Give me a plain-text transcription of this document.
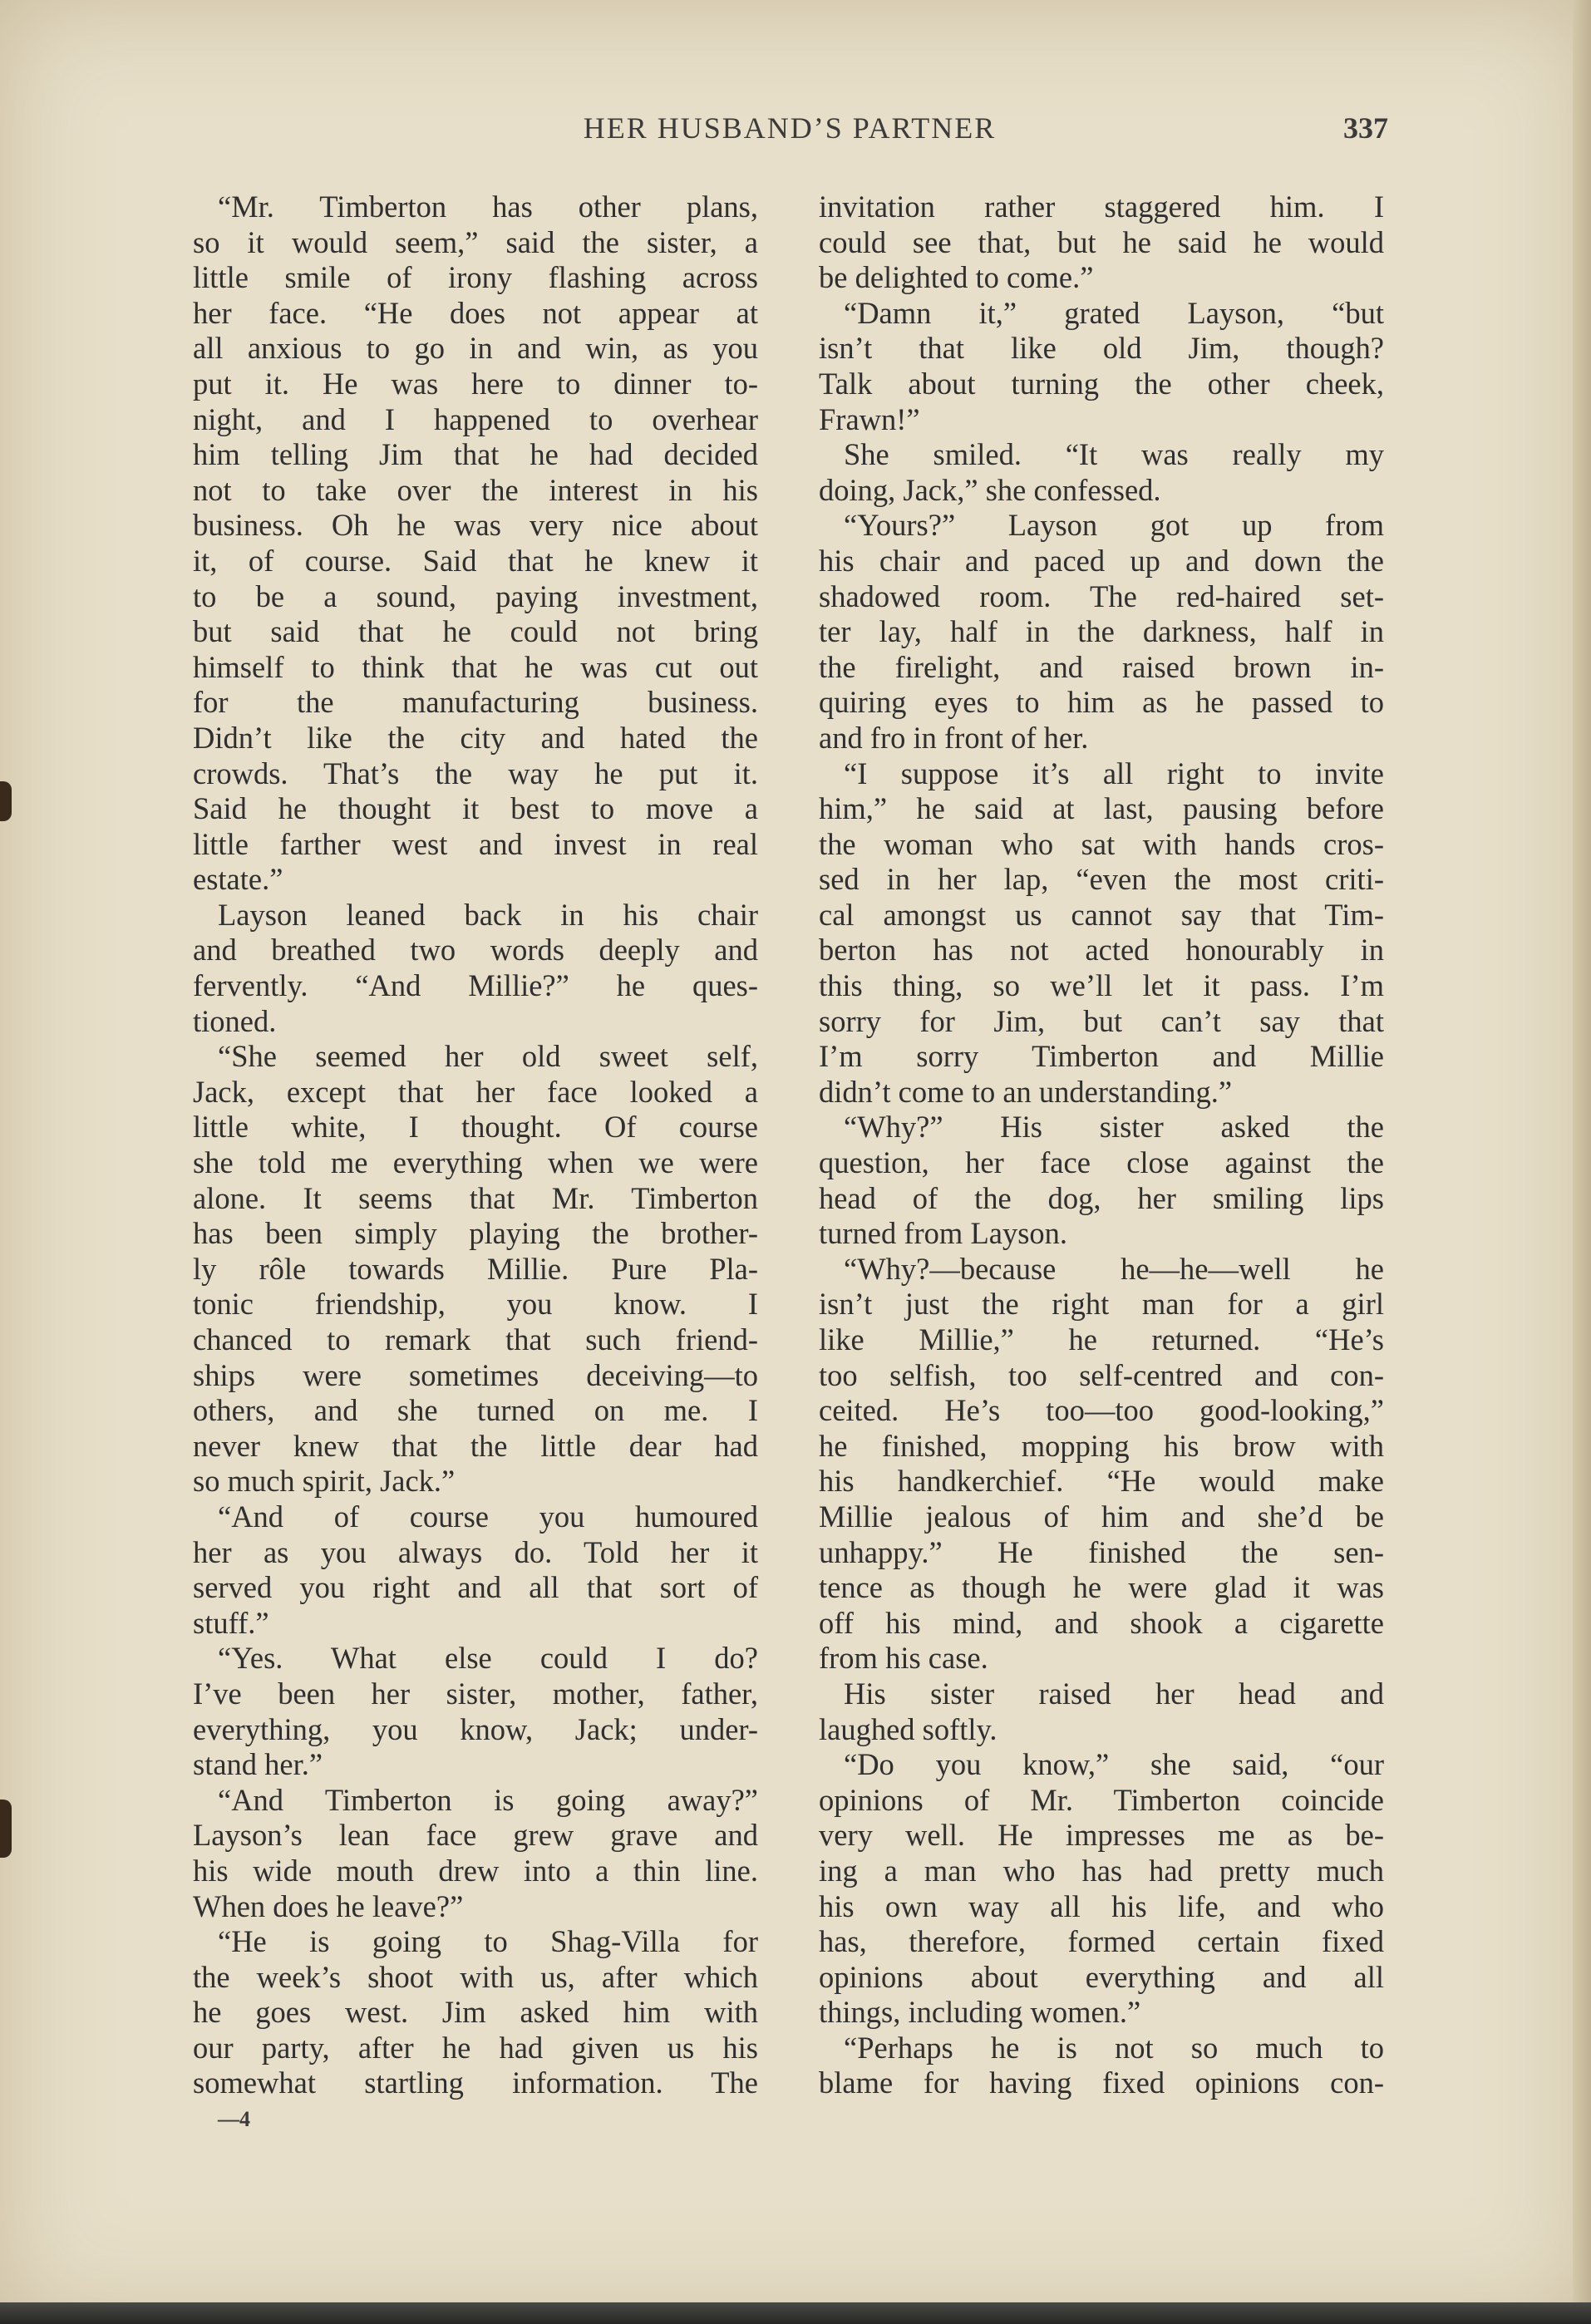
HER HUSBAND’S PARTNER	337
“Mr. Timberton has other plans,
so it would seem,” said the sister, a
little smile of irony flashing across
her face. “He does not appear at
all anxious to go in and win, as you
put it. He was here to dinner to-
night, and I happened to overhear
him telling Jim that he had decided
not to take over the interest in his
business. Oh he was very nice about
it, of course. Said that he knew it
to be a sound, paying investment,
but said that he could not bring
himself to think that he was cut out
for the manufacturing business.
Didn’t like the city and hated the
crowds. That’s the way he put it.
Said he thought it best to move a
little farther west and invest in real
estate.”
Layson leaned back in his chair
and breathed two words deeply and
fervently. “And Millie?” he ques-
tioned.
“She seemed her old sweet self,
Jack, except that her face looked a
little white, I thought. Of course
she told me everything when we were
alone. It seems that Mr. Timberton
has been simply playing the brother-
ly rôle towards Millie. Pure Pla-
tonic friendship, you know. I
chanced to remark that such friend-
ships were sometimes deceiving—to
others, and she turned on me. I
never knew that the little dear had
so much spirit, Jack.”
“And of course you humoured
her as you always do. Told her it
served you right and all that sort of
stuff.”
“Yes. What else could I do?
I’ve been her sister, mother, father,
everything, you know, Jack; under-
stand her.”
“And Timberton is going away?”
Layson’s lean face grew grave and
his wide mouth drew into a thin line.
When does he leave?”
“He is going to Shag-Villa for
the week’s shoot with us, after which
he goes west. Jim asked him with
our party, after he had given us his
somewhat startling information. The
invitation rather staggered him. I
could see that, but he said he would
be delighted to come.”
“Damn it,” grated Layson, “but
isn’t that like old Jim, though?
Talk about turning the other cheek,
Frawn!”
She smiled. “It was really my
doing, Jack,” she confessed.
“Yours?” Layson got up from
his chair and paced up and down the
shadowed room. The red-haired set-
ter lay, half in the darkness, half in
the firelight, and raised brown in-
quiring eyes to him as he passed to
and fro in front of her.
“I suppose it’s all right to invite
him,” he said at last, pausing before
the woman who sat with hands cros-
sed in her lap, “even the most criti-
cal amongst us cannot say that Tim-
berton has not acted honourably in
this thing, so we’ll let it pass. I’m
sorry for Jim, but can’t say that
I’m sorry Timberton and Millie
didn’t come to an understanding.”
“Why?” His sister asked the
question, her face close against the
head of the dog, her smiling lips
turned from Layson.
“Why?—because he—he—well he
isn’t just the right man for a girl
like Millie,” he returned. “He’s
too selfish, too self-centred and con-
ceited. He’s too—too good-looking,”
he finished, mopping his brow with
his handkerchief. “He would make
Millie jealous of him and she’d be
unhappy.” He finished the sen-
tence as though he were glad it was
off his mind, and shook a cigarette
from his case.
His sister raised her head and
laughed softly.
“Do you know,” she said, “our
opinions of Mr. Timberton coincide
very well. He impresses me as be-
ing a man who has had pretty much
his own way all his life, and who
has, therefore, formed certain fixed
opinions about everything and all
things, including women.”
“Perhaps he is not so much to
blame for having fixed opinions con-
—4
